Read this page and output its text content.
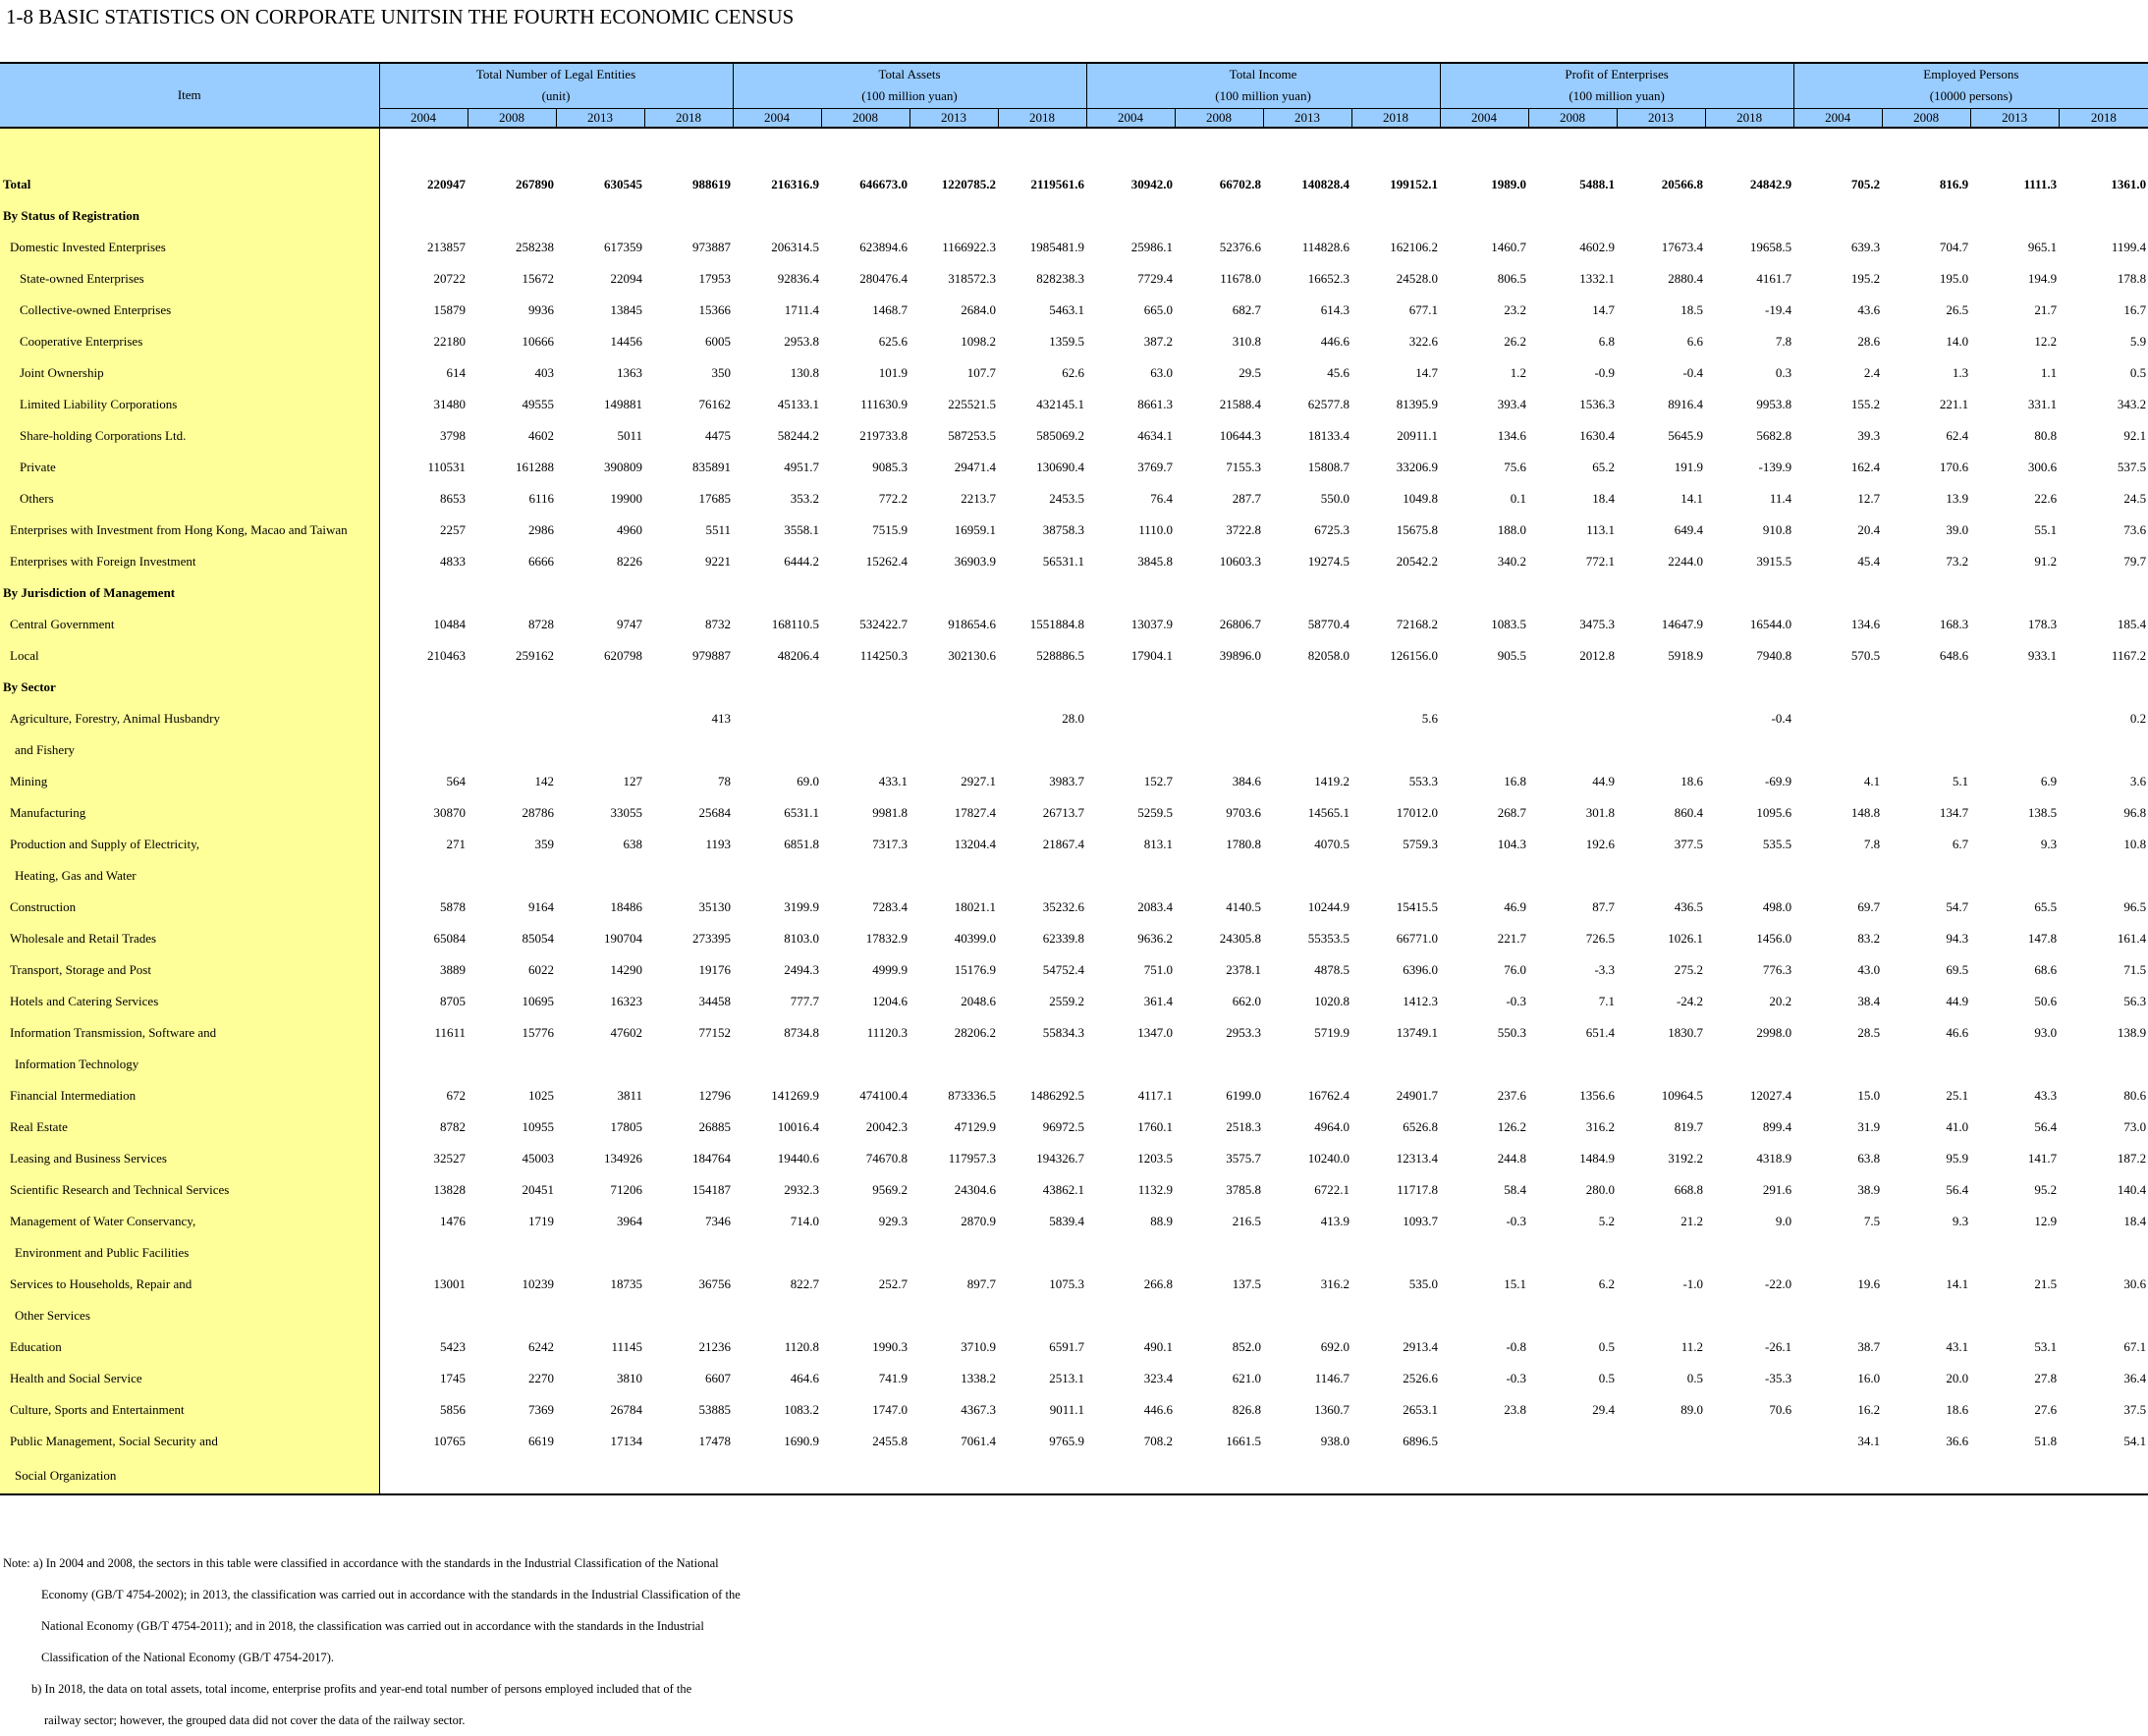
1-8 BASIC STATISTICS ON CORPORATE UNITSIN THE FOURTH ECONOMIC CENSUS
Item	Total Number of Legal Entities				Total Assets				Total Income				Profit of Enterprises				Employed Persons			
	(unit)				(100 million yuan)				(100 million yuan)				(100 million yuan)				(10000 persons)			
	2004	2008	2013	2018	2004	2008	2013	2018	2004	2008	2013	2018	2004	2008	2013	2018	2004	2008	2013	2018

Total	220947	267890	630545	988619	216316.9	646673.0	1220785.2	2119561.6	30942.0	66702.8	140828.4	199152.1	1989.0	5488.1	20566.8	24842.9	705.2	816.9	1111.3	1361.0
By Status of Registration																				
Domestic Invested Enterprises	213857	258238	617359	973887	206314.5	623894.6	1166922.3	1985481.9	25986.1	52376.6	114828.6	162106.2	1460.7	4602.9	17673.4	19658.5	639.3	704.7	965.1	1199.4
State-owned Enterprises	20722	15672	22094	17953	92836.4	280476.4	318572.3	828238.3	7729.4	11678.0	16652.3	24528.0	806.5	1332.1	2880.4	4161.7	195.2	195.0	194.9	178.8
Collective-owned Enterprises	15879	9936	13845	15366	1711.4	1468.7	2684.0	5463.1	665.0	682.7	614.3	677.1	23.2	14.7	18.5	-19.4	43.6	26.5	21.7	16.7
Cooperative Enterprises	22180	10666	14456	6005	2953.8	625.6	1098.2	1359.5	387.2	310.8	446.6	322.6	26.2	6.8	6.6	7.8	28.6	14.0	12.2	5.9
Joint Ownership	614	403	1363	350	130.8	101.9	107.7	62.6	63.0	29.5	45.6	14.7	1.2	-0.9	-0.4	0.3	2.4	1.3	1.1	0.5
Limited Liability Corporations	31480	49555	149881	76162	45133.1	111630.9	225521.5	432145.1	8661.3	21588.4	62577.8	81395.9	393.4	1536.3	8916.4	9953.8	155.2	221.1	331.1	343.2
Share-holding Corporations Ltd.	3798	4602	5011	4475	58244.2	219733.8	587253.5	585069.2	4634.1	10644.3	18133.4	20911.1	134.6	1630.4	5645.9	5682.8	39.3	62.4	80.8	92.1
Private	110531	161288	390809	835891	4951.7	9085.3	29471.4	130690.4	3769.7	7155.3	15808.7	33206.9	75.6	65.2	191.9	-139.9	162.4	170.6	300.6	537.5
Others	8653	6116	19900	17685	353.2	772.2	2213.7	2453.5	76.4	287.7	550.0	1049.8	0.1	18.4	14.1	11.4	12.7	13.9	22.6	24.5
Enterprises with Investment from Hong Kong, Macao and Taiwan	2257	2986	4960	5511	3558.1	7515.9	16959.1	38758.3	1110.0	3722.8	6725.3	15675.8	188.0	113.1	649.4	910.8	20.4	39.0	55.1	73.6
Enterprises with Foreign Investment	4833	6666	8226	9221	6444.2	15262.4	36903.9	56531.1	3845.8	10603.3	19274.5	20542.2	340.2	772.1	2244.0	3915.5	45.4	73.2	91.2	79.7
By Jurisdiction of Management																				
Central Government	10484	8728	9747	8732	168110.5	532422.7	918654.6	1551884.8	13037.9	26806.7	58770.4	72168.2	1083.5	3475.3	14647.9	16544.0	134.6	168.3	178.3	185.4
Local	210463	259162	620798	979887	48206.4	114250.3	302130.6	528886.5	17904.1	39896.0	82058.0	126156.0	905.5	2012.8	5918.9	7940.8	570.5	648.6	933.1	1167.2
By Sector																				
Agriculture, Forestry, Animal Husbandry				413				28.0				5.6				-0.4				0.2
and Fishery																				
Mining	564	142	127	78	69.0	433.1	2927.1	3983.7	152.7	384.6	1419.2	553.3	16.8	44.9	18.6	-69.9	4.1	5.1	6.9	3.6
Manufacturing	30870	28786	33055	25684	6531.1	9981.8	17827.4	26713.7	5259.5	9703.6	14565.1	17012.0	268.7	301.8	860.4	1095.6	148.8	134.7	138.5	96.8
Production and Supply of Electricity,	271	359	638	1193	6851.8	7317.3	13204.4	21867.4	813.1	1780.8	4070.5	5759.3	104.3	192.6	377.5	535.5	7.8	6.7	9.3	10.8
Heating, Gas and Water																				
Construction	5878	9164	18486	35130	3199.9	7283.4	18021.1	35232.6	2083.4	4140.5	10244.9	15415.5	46.9	87.7	436.5	498.0	69.7	54.7	65.5	96.5
Wholesale and Retail Trades	65084	85054	190704	273395	8103.0	17832.9	40399.0	62339.8	9636.2	24305.8	55353.5	66771.0	221.7	726.5	1026.1	1456.0	83.2	94.3	147.8	161.4
Transport, Storage and Post	3889	6022	14290	19176	2494.3	4999.9	15176.9	54752.4	751.0	2378.1	4878.5	6396.0	76.0	-3.3	275.2	776.3	43.0	69.5	68.6	71.5
Hotels and Catering Services	8705	10695	16323	34458	777.7	1204.6	2048.6	2559.2	361.4	662.0	1020.8	1412.3	-0.3	7.1	-24.2	20.2	38.4	44.9	50.6	56.3
Information Transmission, Software and	11611	15776	47602	77152	8734.8	11120.3	28206.2	55834.3	1347.0	2953.3	5719.9	13749.1	550.3	651.4	1830.7	2998.0	28.5	46.6	93.0	138.9
Information Technology																				
Financial Intermediation	672	1025	3811	12796	141269.9	474100.4	873336.5	1486292.5	4117.1	6199.0	16762.4	24901.7	237.6	1356.6	10964.5	12027.4	15.0	25.1	43.3	80.6
Real Estate	8782	10955	17805	26885	10016.4	20042.3	47129.9	96972.5	1760.1	2518.3	4964.0	6526.8	126.2	316.2	819.7	899.4	31.9	41.0	56.4	73.0
Leasing and Business Services	32527	45003	134926	184764	19440.6	74670.8	117957.3	194326.7	1203.5	3575.7	10240.0	12313.4	244.8	1484.9	3192.2	4318.9	63.8	95.9	141.7	187.2
Scientific Research and Technical Services	13828	20451	71206	154187	2932.3	9569.2	24304.6	43862.1	1132.9	3785.8	6722.1	11717.8	58.4	280.0	668.8	291.6	38.9	56.4	95.2	140.4
Management of Water Conservancy,	1476	1719	3964	7346	714.0	929.3	2870.9	5839.4	88.9	216.5	413.9	1093.7	-0.3	5.2	21.2	9.0	7.5	9.3	12.9	18.4
Environment and Public Facilities																				
Services to Households, Repair and	13001	10239	18735	36756	822.7	252.7	897.7	1075.3	266.8	137.5	316.2	535.0	15.1	6.2	-1.0	-22.0	19.6	14.1	21.5	30.6
Other Services																				
Education	5423	6242	11145	21236	1120.8	1990.3	3710.9	6591.7	490.1	852.0	692.0	2913.4	-0.8	0.5	11.2	-26.1	38.7	43.1	53.1	67.1
Health and Social Service	1745	2270	3810	6607	464.6	741.9	1338.2	2513.1	323.4	621.0	1146.7	2526.6	-0.3	0.5	0.5	-35.3	16.0	20.0	27.8	36.4
Culture, Sports and Entertainment	5856	7369	26784	53885	1083.2	1747.0	4367.3	9011.1	446.6	826.8	1360.7	2653.1	23.8	29.4	89.0	70.6	16.2	18.6	27.6	37.5
Public Management, Social Security and	10765	6619	17134	17478	1690.9	2455.8	7061.4	9765.9	708.2	1661.5	938.0	6896.5					34.1	36.6	51.8	54.1
Social Organization																				
Note: a) In 2004 and 2008, the sectors in this table were classified in accordance with the standards in the Industrial Classification of the National
Economy (GB/T 4754-2002); in 2013, the classification was carried out in accordance with the standards in the Industrial Classification of the
National Economy (GB/T 4754-2011); and in 2018, the classification was carried out in accordance with the standards in the Industrial
Classification of the National Economy (GB/T 4754-2017).
b) In 2018, the data on total assets, total income, enterprise profits and year-end total number of persons employed included that of the
railway sector; however, the grouped data did not cover the data of the railway sector.
